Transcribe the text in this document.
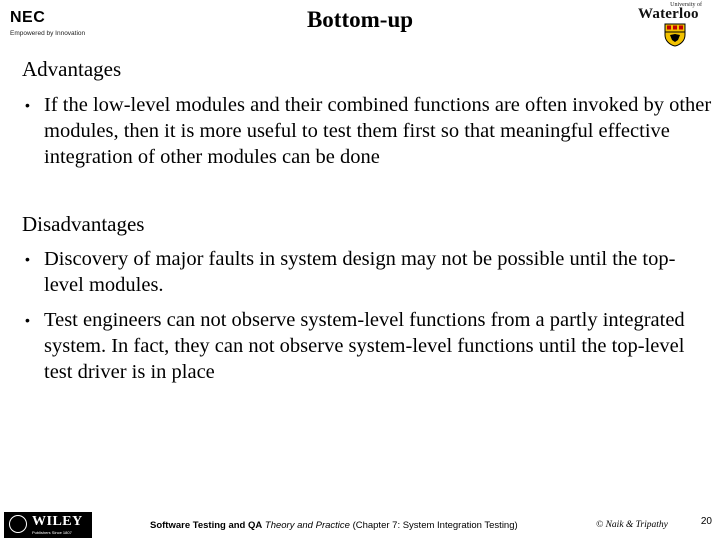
NEC
Empowered by Innovation
Bottom-up
University of
Waterloo
Advantages
• If the low-level modules and their combined functions are often invoked by other modules, then it is more useful to test them first so that meaningful effective integration of other modules can be done
Disadvantages
• Discovery of major faults in system design may not be possible until the top-level modules.
• Test engineers can not observe system-level functions from a partly integrated system. In fact, they can not observe system-level functions until the top-level test driver is in place
WILEY
Publishers Since 1807
Software Testing and QA Theory and Practice (Chapter 7: System Integration Testing)	© Naik & Tripathy	20
